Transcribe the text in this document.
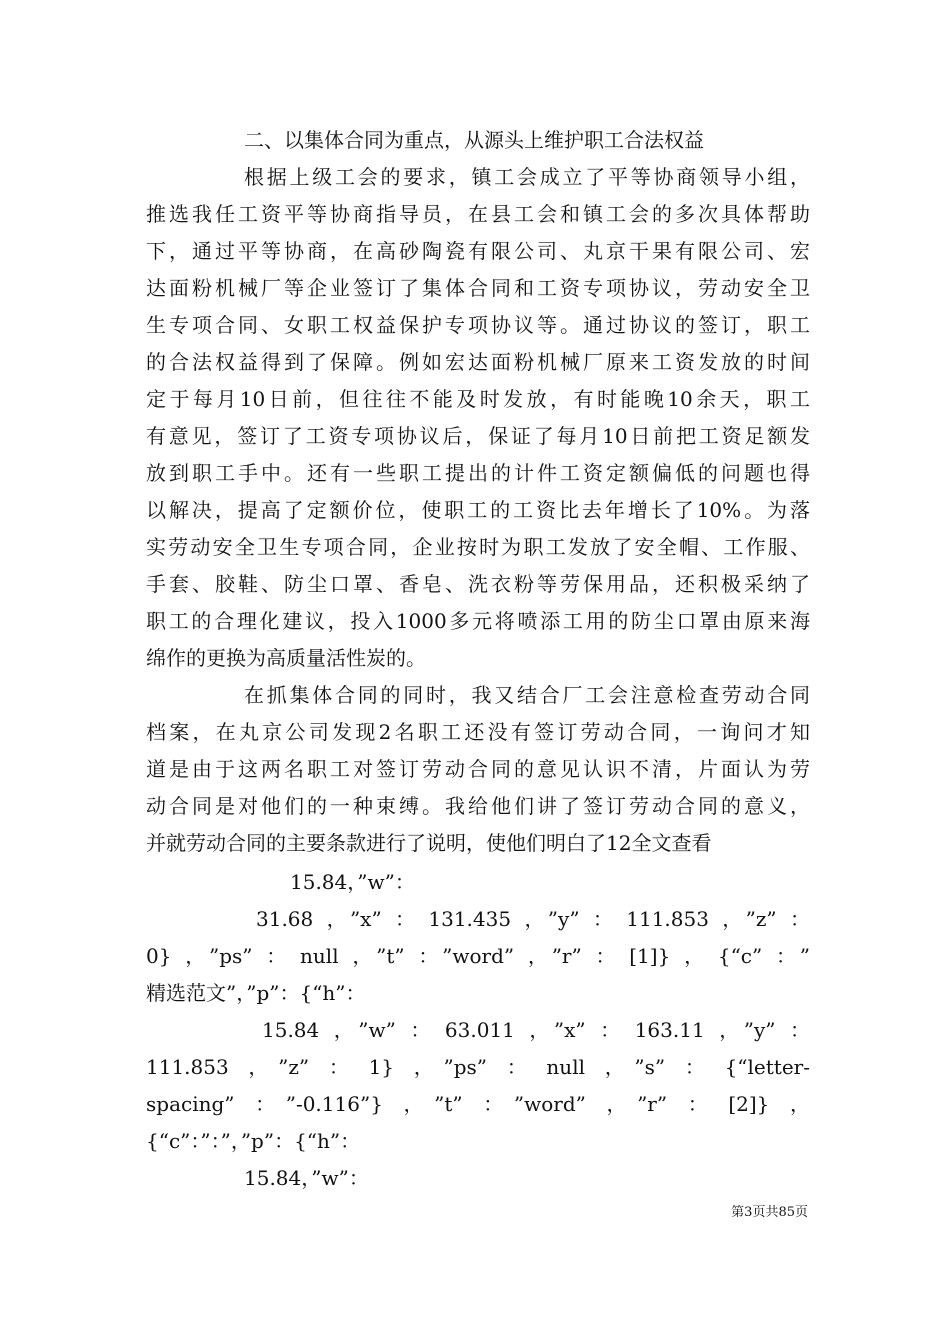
二、以集体合同为重点，从源头上维护职工合法权益
根据上级工会的要求，镇工会成立了平等协商领导小组，
推选我任工资平等协商指导员，在县工会和镇工会的多次具体帮助
下，通过平等协商，在高砂陶瓷有限公司、丸京干果有限公司、宏
达面粉机械厂等企业签订了集体合同和工资专项协议，劳动安全卫
生专项合同、女职工权益保护专项协议等。通过协议的签订，职工
的合法权益得到了保障。例如宏达面粉机械厂原来工资发放的时间
定于每月10日前，但往往不能及时发放，有时能晚10余天，职工
有意见，签订了工资专项协议后，保证了每月10日前把工资足额发
放到职工手中。还有一些职工提出的计件工资定额偏低的问题也得
以解决，提高了定额价位，使职工的工资比去年增长了10%。为落
实劳动安全卫生专项合同，企业按时为职工发放了安全帽、工作服、
手套、胶鞋、防尘口罩、香皂、洗衣粉等劳保用品，还积极采纳了
职工的合理化建议，投入1000多元将喷添工用的防尘口罩由原来海
绵作的更换为高质量活性炭的。
在抓集体合同的同时，我又结合厂工会注意检查劳动合同
档案，在丸京公司发现2名职工还没有签订劳动合同，一询问才知
道是由于这两名职工对签订劳动合同的意见认识不清，片面认为劳
动合同是对他们的一种束缚。我给他们讲了签订劳动合同的意义，
并就劳动合同的主要条款进行了说明，使他们明白了12全文查看
15.84，”w”：
31.68，”x”：131.435，”y”：111.853，”z”：
0}，”ps”：null，”t”：”word”，”r”：[1]}，{“c”：”
精选范文”，”p”：{“h”：
15.84，”w”：63.011，”x”：163.11，”y”：
111.853，”z”：1}，”ps”：null，”s”：{“letter-
spacing”：”-0.116”}，”t”：”word”，”r”：[2]}，
{“c”：”：”，”p”：{“h”：
15.84，”w”：
第3页共85页
